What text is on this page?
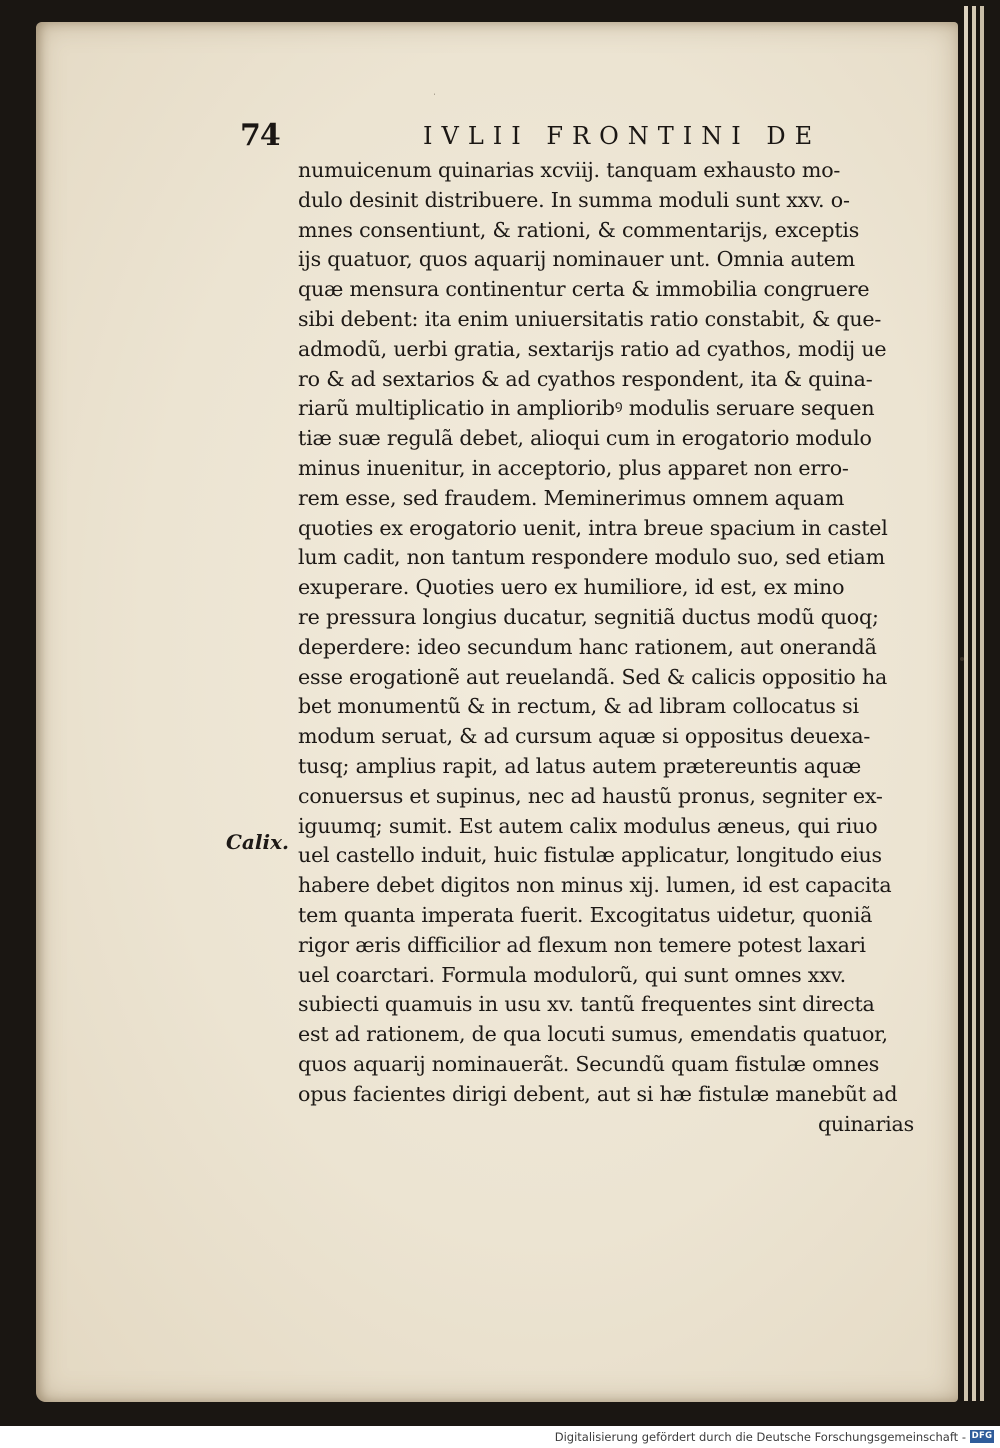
ˈ
74	IVLII FRONTINI DE
Calix.
numuicenum quinarias xcviij. tanquam exhausto mo-
dulo desinit distribuere. In summa moduli sunt xxv. o-
mnes consentiunt, & rationi, & commentarijs, exceptis
ijs quatuor, quos aquarij nominauer unt. Omnia autem
quæ mensura continentur certa & immobilia congruere
sibi debent: ita enim uniuersitatis ratio constabit, & que-
admodũ, uerbi gratia, sextarijs ratio ad cyathos, modij ue
ro & ad sextarios & ad cyathos respondent, ita & quina-
riarũ multiplicatio in amplioribꝰ modulis seruare sequen
tiæ suæ regulã debet, alioqui cum in erogatorio modulo
minus inuenitur, in acceptorio, plus apparet non erro-
rem esse, sed fraudem. Meminerimus omnem aquam
quoties ex erogatorio uenit, intra breue spacium in castel
lum cadit, non tantum respondere modulo suo, sed etiam
exuperare. Quoties uero ex humiliore, id est, ex mino
re pressura longius ducatur, segnitiã ductus modũ quoq;
deperdere: ideo secundum hanc rationem, aut onerandã
esse erogationẽ aut reuelandã. Sed & calicis oppositio ha
bet monumentũ & in rectum, & ad libram collocatus si
modum seruat, & ad cursum aquæ si oppositus deuexa-
tusq; amplius rapit, ad latus autem prætereuntis aquæ
conuersus et supinus, nec ad haustũ pronus, segniter ex-
iguumq; sumit. Est autem calix modulus æneus, qui riuo
uel castello induit, huic fistulæ applicatur, longitudo eius
habere debet digitos non minus xij. lumen, id est capacita
tem quanta imperata fuerit. Excogitatus uidetur, quoniã
rigor æris difficilior ad flexum non temere potest laxari
uel coarctari. Formula modulorũ, qui sunt omnes xxv.
subiecti quamuis in usu xv. tantũ frequentes sint directa
est ad rationem, de qua locuti sumus, emendatis quatuor,
quos aquarij nominauerãt. Secundũ quam fistulæ omnes
opus facientes dirigi debent, aut si hæ fistulæ manebũt ad
quinarias
Digitalisierung gefördert durch die Deutsche Forschungsgemeinschaft - DFG
